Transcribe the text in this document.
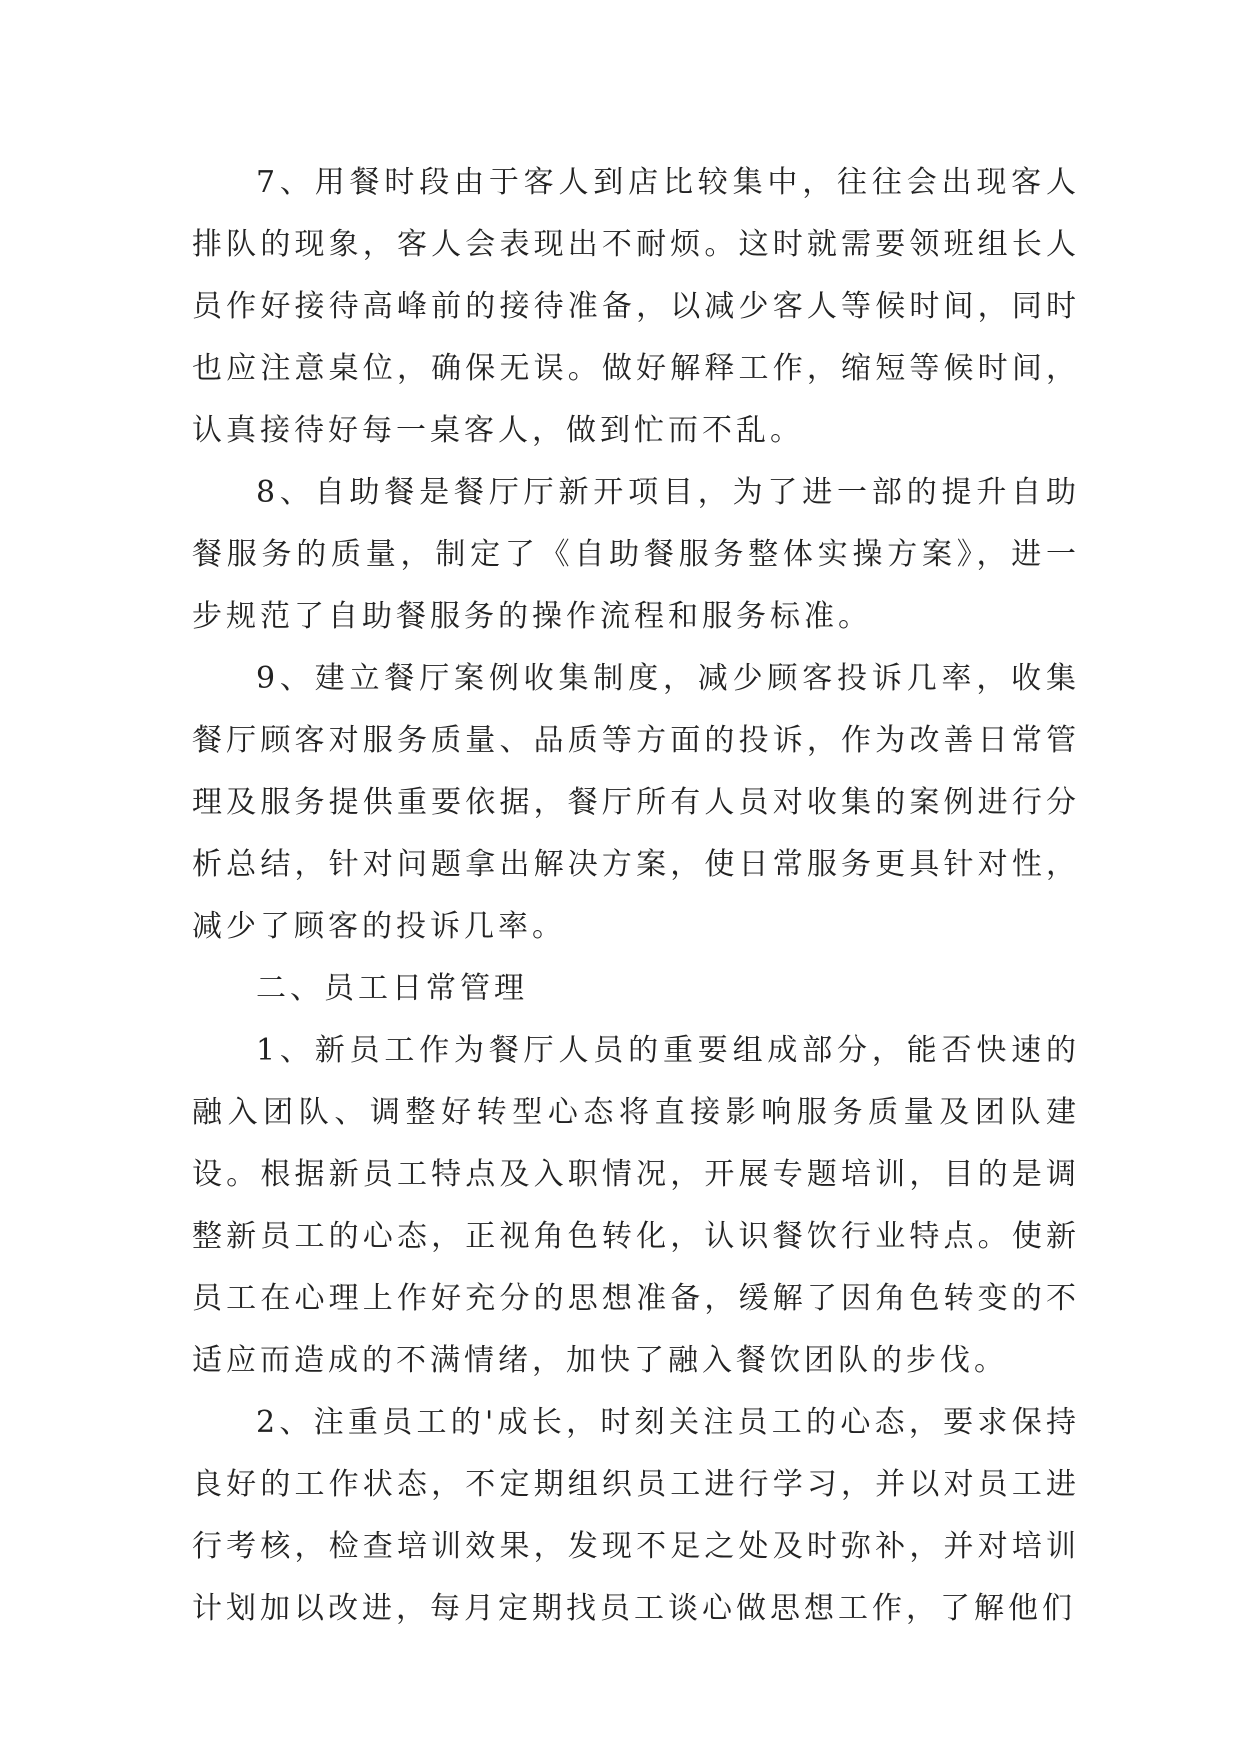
7、用餐时段由于客人到店比较集中，往往会出现客人排队的现象，客人会表现出不耐烦。这时就需要领班组长人员作好接待高峰前的接待准备，以减少客人等候时间，同时也应注意桌位，确保无误。做好解释工作，缩短等候时间，认真接待好每一桌客人，做到忙而不乱。

8、自助餐是餐厅厅新开项目，为了进一部的提升自助餐服务的质量，制定了《自助餐服务整体实操方案》，进一步规范了自助餐服务的操作流程和服务标准。

9、建立餐厅案例收集制度，减少顾客投诉几率，收集餐厅顾客对服务质量、品质等方面的投诉，作为改善日常管理及服务提供重要依据，餐厅所有人员对收集的案例进行分析总结，针对问题拿出解决方案，使日常服务更具针对性，减少了顾客的投诉几率。

二、员工日常管理

1、新员工作为餐厅人员的重要组成部分，能否快速的融入团队、调整好转型心态将直接影响服务质量及团队建设。根据新员工特点及入职情况，开展专题培训，目的是调整新员工的心态，正视角色转化，认识餐饮行业特点。使新员工在心理上作好充分的思想准备，缓解了因角色转变的不适应而造成的不满情绪，加快了融入餐饮团队的步伐。

2、注重员工的'成长，时刻关注员工的心态，要求保持良好的工作状态，不定期组织员工进行学习，并以对员工进行考核，检查培训效果，发现不足之处及时弥补，并对培训计划加以改进，每月定期找员工谈心做思想工作，了解他们
